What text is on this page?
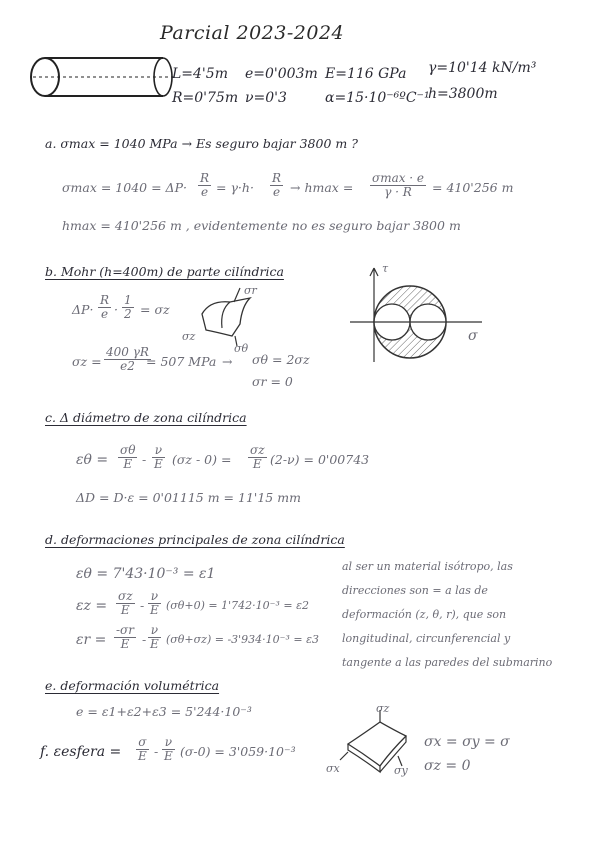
Parcial 2023-2024
L=4'5m e=0'003m E=116 GPa γ=10'14 kN/m³
R=0'75m ν=0'3	α=15·10⁻⁶ºC⁻¹
h=3800m
a. σmax = 1040 MPa → Es seguro bajar 3800 m ?
$\sigma\max = 1040 = \Delta P\cdot \frac{R}{e} = \gamma\cdot h\cdot \frac{R}{e} \to hmax$ =
σmax · e
γ · R	= 410'256 m
hmax = 410'256 m , evidentemente no es seguro bajar 3800 m
b. Mohr (h=400m) de parte cilíndrica
$\Delta P\cdot \frac{R}{e} \cdot \frac{1}{2} = \sigma z$
$\sigma z = \frac{400 \gamma R}{e2}$
= 507 MPa → σθ = 2σz
σr = 0
σr
σz
σθ
τ
σ
c. Δ diámetro de zona cilíndrica
$\varepsilon\theta = \frac{\sigma\theta}{E} - \frac{\nu}{E} (\sigma z - 0) = \frac{\sigma z}{E} (2-\nu) = 0'00743$
ΔD = D·ε = 0'01115 m = 11'15 mm
d. deformaciones principales de zona cilíndrica
εθ = 7'43·10⁻³ = ε1
$\varepsilon z = \frac{\sigma z}{E} - \frac{\nu}{E} (\sigma\theta+0) = 1'742\cdot 10^{-3} = \varepsilon 2$
$\varepsilon r = \frac{-\sigma r}{E} - \frac{\nu}{E} (\sigma\theta+\sigma z) = -3'934\cdot 10^{-3} = \varepsilon 3$
al ser un material isótropo, las
direcciones son = a las de
deformación (z, θ, r), que son
longitudinal, circunferencial y
tangente a las paredes del submarino
e. deformación volumétrica
e = ε1+ε2+ε3 = 5'244·10⁻³
f. εesfera = $\frac{\sigma}{E} - \frac{\nu}{E} (\sigma-0) = 3'059\cdot 10^{-3}$
σz
σx	σy
σx = σy = σ
σz = 0
